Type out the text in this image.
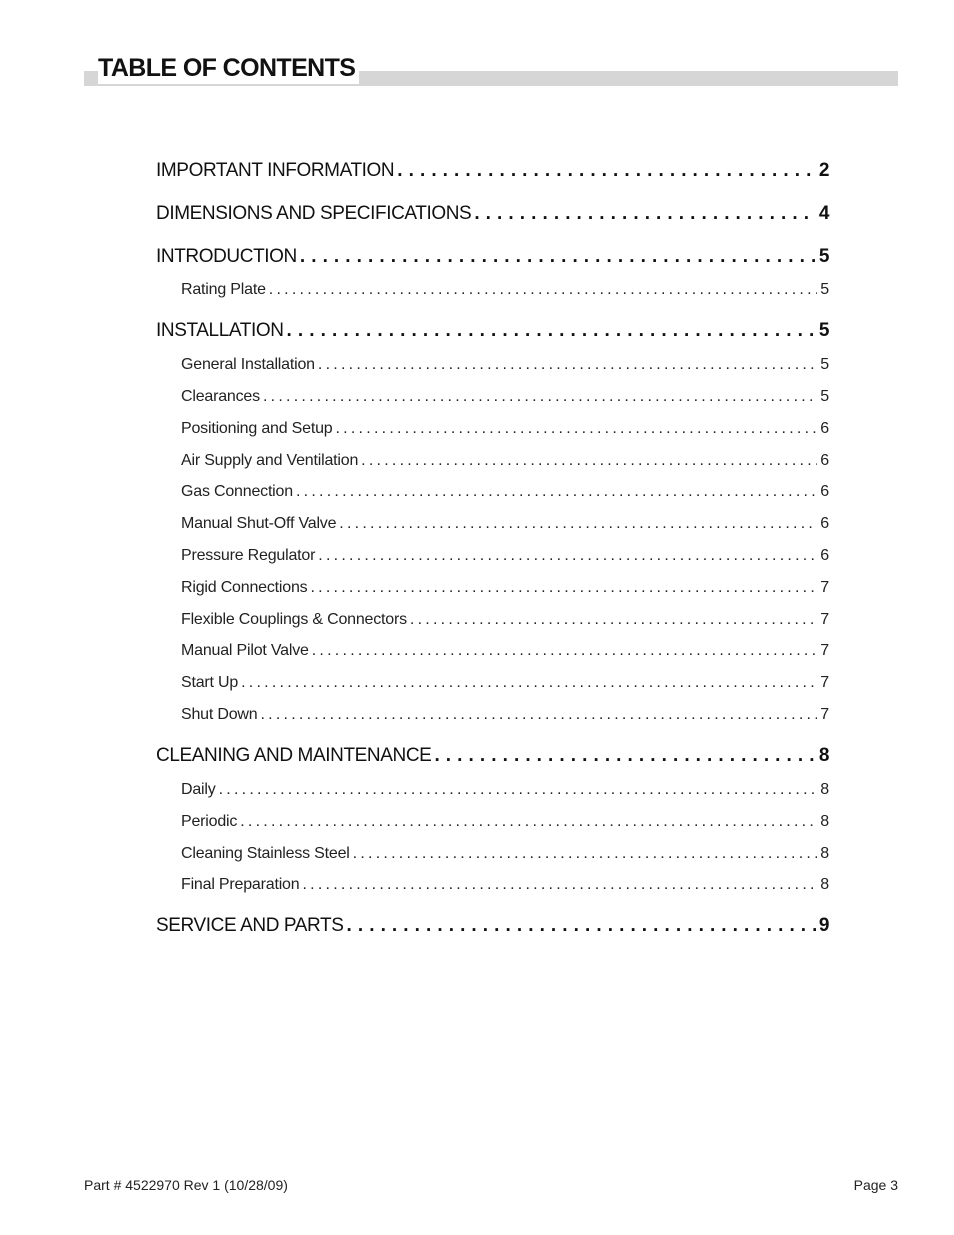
TABLE OF CONTENTS
IMPORTANT INFORMATION . . .	2
DIMENSIONS AND SPECIFICATIONS . . .	4
INTRODUCTION . . .	5
Rating Plate . . .	5
INSTALLATION . . .	5
General Installation . . .	5
Clearances . . .	5
Positioning and Setup . . .	6
Air Supply and Ventilation . . .	6
Gas Connection . . .	6
Manual Shut-Off Valve . . .	6
Pressure Regulator . . .	6
Rigid Connections . . .	7
Flexible Couplings & Connectors . . .	7
Manual Pilot Valve . . .	7
Start Up . . .	7
Shut Down . . .	7
CLEANING AND MAINTENANCE . . .	8
Daily . . .	8
Periodic . . .	8
Cleaning Stainless Steel . . .	8
Final Preparation . . .	8
SERVICE AND PARTS . . .	9
Part # 4522970 Rev 1 (10/28/09)	Page 3
